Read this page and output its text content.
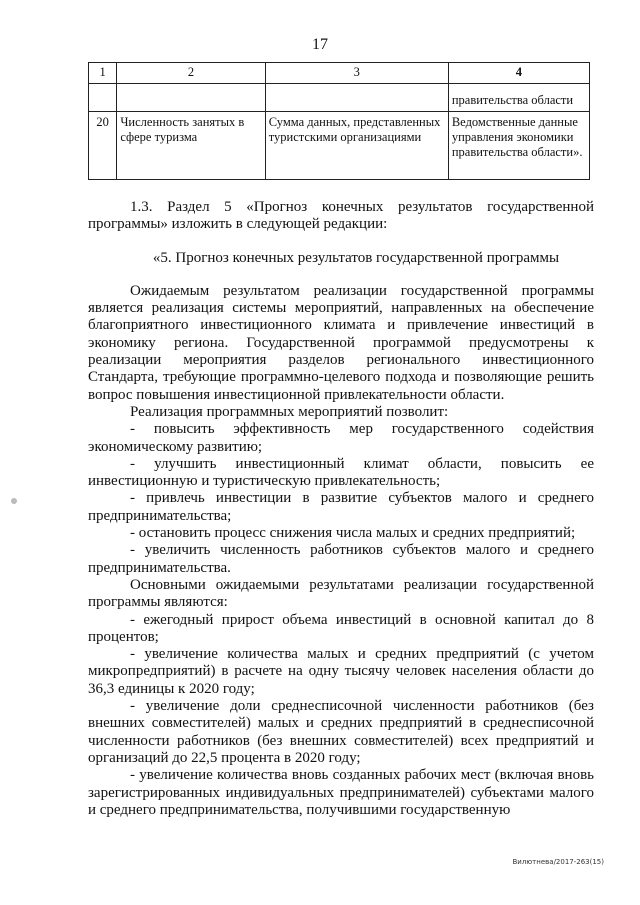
17
1	2	3	4
			правительства области
20	Численность занятых в сфере туризма	Сумма данных, представленных туристскими организациями	Ведомственные данные управления экономики правительства области».

1.3. Раздел 5 «Прогноз конечных результатов государственной программы» изложить в следующей редакции:

«5. Прогноз конечных результатов государственной программы

Ожидаемым результатом реализации государственной программы является реализация системы мероприятий, направленных на обеспечение благоприятного инвестиционного климата и привлечение инвестиций в экономику региона. Государственной программой предусмотрены к реализации мероприятия разделов регионального инвестиционного Стандарта, требующие программно-целевого подхода и позволяющие решить вопрос повышения инвестиционной привлекательности области.

Реализация программных мероприятий позволит:

- повысить эффективность мер государственного содействия экономическому развитию;

- улучшить инвестиционный климат области, повысить ее инвестиционную и туристическую привлекательность;

- привлечь инвестиции в развитие субъектов малого и среднего предпринимательства;

- остановить процесс снижения числа малых и средних предприятий;

- увеличить численность работников субъектов малого и среднего предпринимательства.

Основными ожидаемыми результатами реализации государственной программы являются:

- ежегодный прирост объема инвестиций в основной капитал до 8 процентов;

- увеличение количества малых и средних предприятий (с учетом микропредприятий) в расчете на одну тысячу человек населения области до 36,3 единицы к 2020 году;

- увеличение доли среднесписочной численности работников (без внешних совместителей) малых и средних предприятий в среднесписочной численности работников (без внешних совместителей) всех предприятий и организаций до 22,5 процента в 2020 году;

- увеличение количества вновь созданных рабочих мест (включая вновь зарегистрированных индивидуальных предпринимателей) субъектами малого и среднего предпринимательства, получившими государственную

Вилютнева/2017-263(15)
